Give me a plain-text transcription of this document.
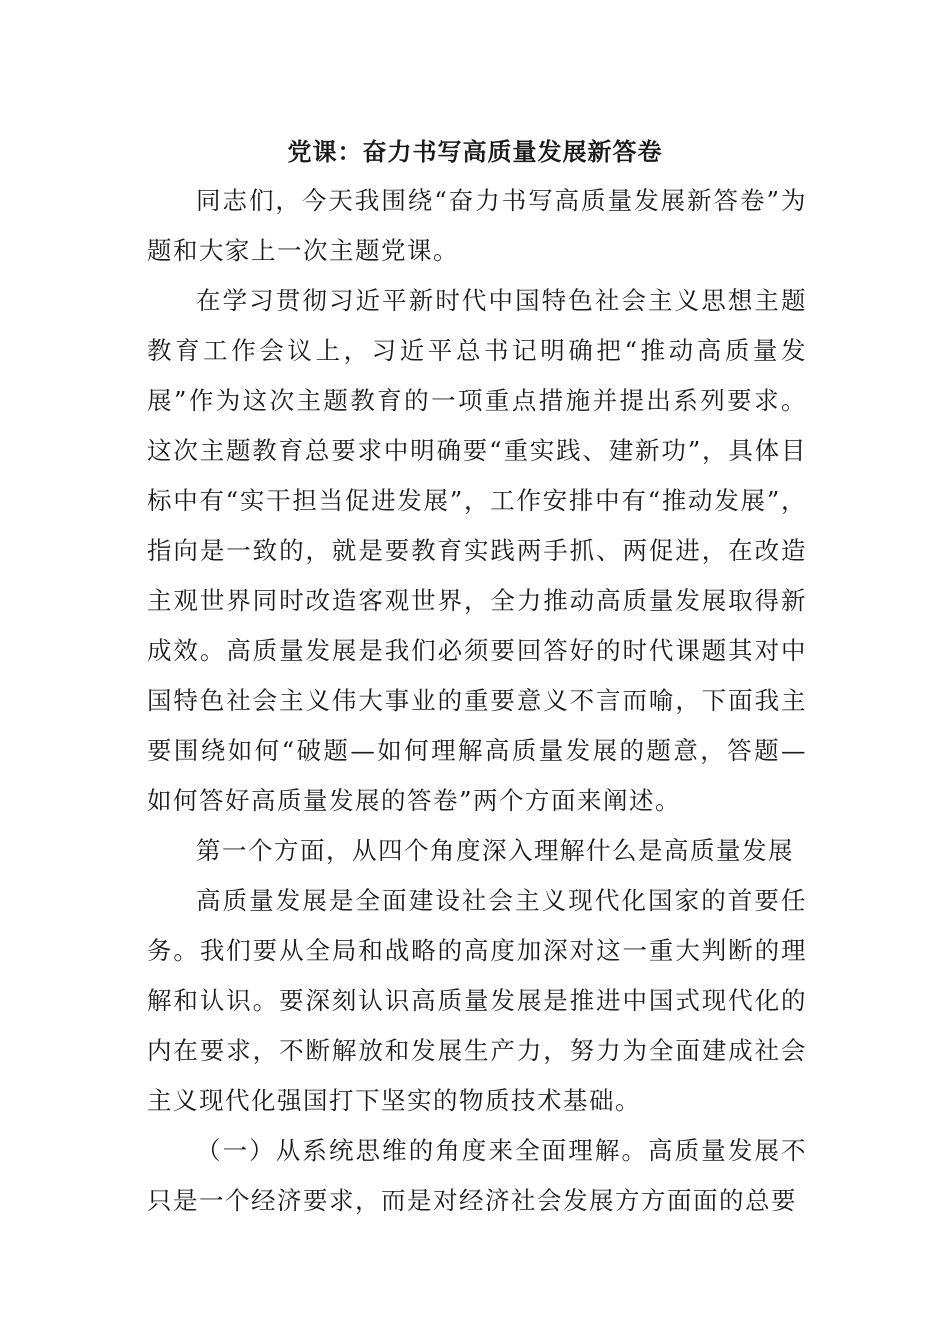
党课：奋力书写高质量发展新答卷

同志们，今天我围绕“奋力书写高质量发展新答卷”为题和大家上一次主题党课。

在学习贯彻习近平新时代中国特色社会主义思想主题教育工作会议上，习近平总书记明确把“推动高质量发展”作为这次主题教育的一项重点措施并提出系列要求。这次主题教育总要求中明确要“重实践、建新功”，具体目标中有“实干担当促进发展”，工作安排中有“推动发展”，指向是一致的，就是要教育实践两手抓、两促进，在改造主观世界同时改造客观世界，全力推动高质量发展取得新成效。高质量发展是我们必须要回答好的时代课题其对中国特色社会主义伟大事业的重要意义不言而喻，下面我主要围绕如何“破题—如何理解高质量发展的题意，答题—如何答好高质量发展的答卷”两个方面来阐述。

第一个方面，从四个角度深入理解什么是高质量发展

高质量发展是全面建设社会主义现代化国家的首要任务。我们要从全局和战略的高度加深对这一重大判断的理解和认识。要深刻认识高质量发展是推进中国式现代化的内在要求，不断解放和发展生产力，努力为全面建成社会主义现代化强国打下坚实的物质技术基础。

（一）从系统思维的角度来全面理解。高质量发展不只是一个经济要求，而是对经济社会发展方方面面的总要
